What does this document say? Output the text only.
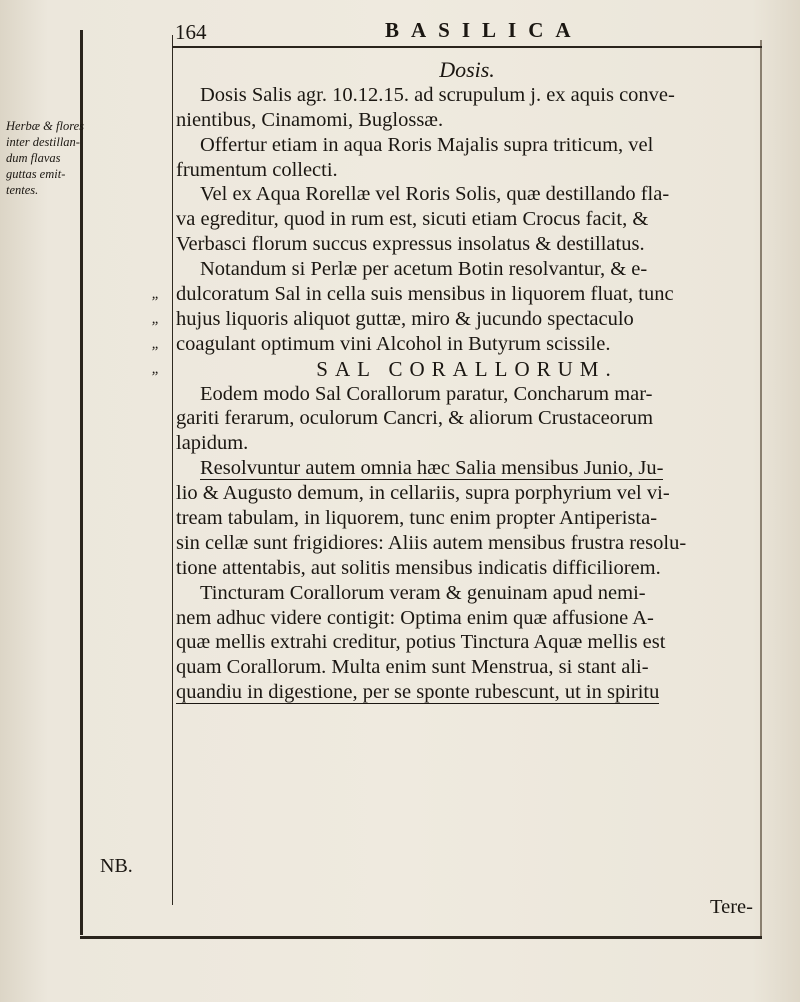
164	BASILICA
Herbæ & flores
inter destillan-
dum flavas
guttas emit-
tentes.
”
”
”
”
NB.
Dosis.
Dosis Salis agr. 10.12.15. ad scrupulum j. ex aquis conve-
nientibus, Cinamomi, Buglossæ.
Offertur etiam in aqua Roris Majalis supra triticum, vel
frumentum collecti.
Vel ex Aqua Rorellæ vel Roris Solis, quæ destillando fla-
va egreditur, quod in rum est, sicuti etiam Crocus facit, &
Verbasci florum succus expressus insolatus & destillatus.
Notandum si Perlæ per acetum Botin resolvantur, & e-
dulcoratum Sal in cella suis mensibus in liquorem fluat, tunc
hujus liquoris aliquot guttæ, miro & jucundo spectaculo
coagulant optimum vini Alcohol in Butyrum scissile.
SAL CORALLORUM.
Eodem modo Sal Corallorum paratur, Concharum mar-
gariti ferarum, oculorum Cancri, & aliorum Crustaceorum
lapidum.
Resolvuntur autem omnia hæc Salia mensibus Junio, Ju-
lio & Augusto demum, in cellariis, supra porphyrium vel vi-
tream tabulam, in liquorem, tunc enim propter Antiperista-
sin cellæ sunt frigidiores: Aliis autem mensibus frustra resolu-
tione attentabis, aut solitis mensibus indicatis difficiliorem.
Tincturam Corallorum veram & genuinam apud nemi-
nem adhuc videre contigit: Optima enim quæ affusione A-
quæ mellis extrahi creditur, potius Tinctura Aquæ mellis est
quam Corallorum. Multa enim sunt Menstrua, si stant ali-
quandiu in digestione, per se sponte rubescunt, ut in spiritu
Tere-
